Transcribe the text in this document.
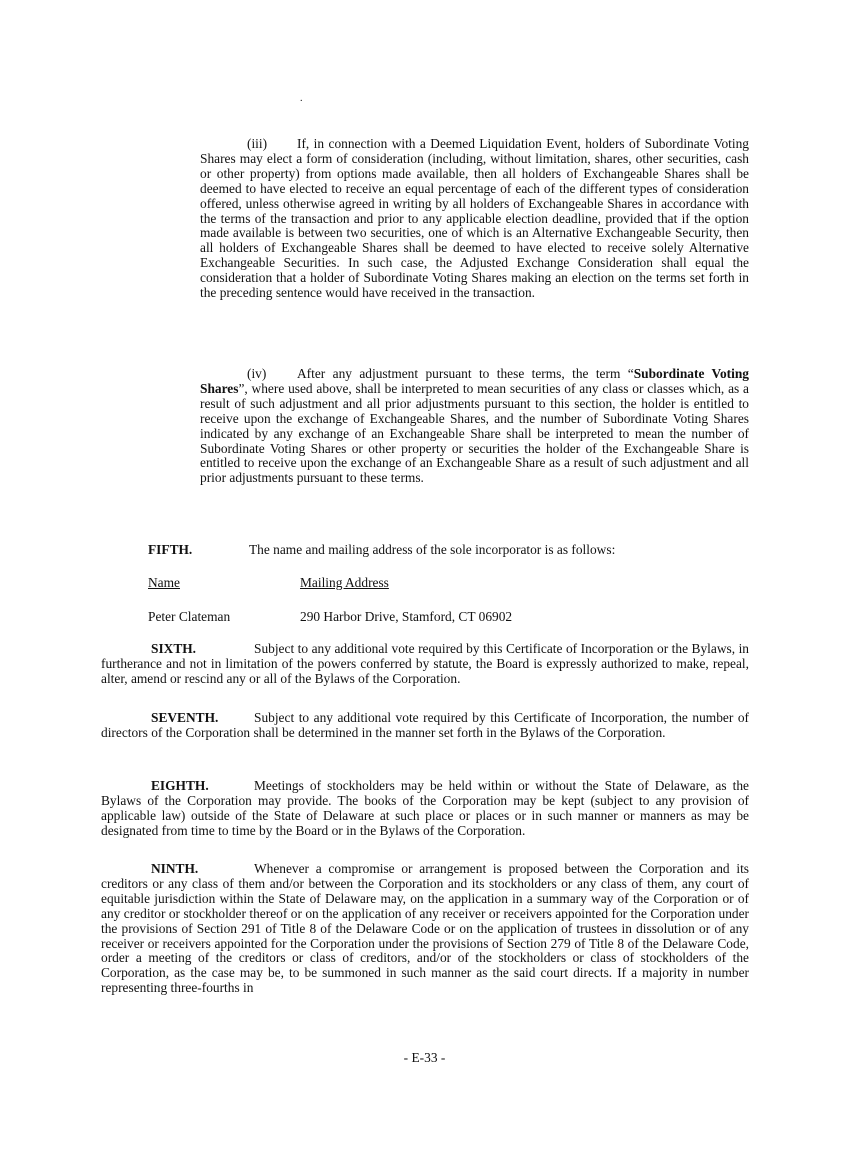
.

(iii) If, in connection with a Deemed Liquidation Event, holders of Subordinate Voting Shares may elect a form of consideration (including, without limitation, shares, other securities, cash or other property) from options made available, then all holders of Exchangeable Shares shall be deemed to have elected to receive an equal percentage of each of the different types of consideration offered, unless otherwise agreed in writing by all holders of Exchangeable Shares in accordance with the terms of the transaction and prior to any applicable election deadline, provided that if the option made available is between two securities, one of which is an Alternative Exchangeable Security, then all holders of Exchangeable Shares shall be deemed to have elected to receive solely Alternative Exchangeable Securities. In such case, the Adjusted Exchange Consideration shall equal the consideration that a holder of Subordinate Voting Shares making an election on the terms set forth in the preceding sentence would have received in the transaction.

(iv) After any adjustment pursuant to these terms, the term “Subordinate Voting Shares”, where used above, shall be interpreted to mean securities of any class or classes which, as a result of such adjustment and all prior adjustments pursuant to this section, the holder is entitled to receive upon the exchange of Exchangeable Shares, and the number of Subordinate Voting Shares indicated by any exchange of an Exchangeable Share shall be interpreted to mean the number of Subordinate Voting Shares or other property or securities the holder of the Exchangeable Share is entitled to receive upon the exchange of an Exchangeable Share as a result of such adjustment and all prior adjustments pursuant to these terms.

FIFTH.	The name and mailing address of the sole incorporator is as follows:
Name	Mailing Address
Peter Clateman	290 Harbor Drive, Stamford, CT 06902

SIXTH.	Subject to any additional vote required by this Certificate of Incorporation or the Bylaws, in furtherance and not in limitation of the powers conferred by statute, the Board is expressly authorized to make, repeal, alter, amend or rescind any or all of the Bylaws of the Corporation.

SEVENTH.	Subject to any additional vote required by this Certificate of Incorporation, the number of directors of the Corporation shall be determined in the manner set forth in the Bylaws of the Corporation.

EIGHTH.	Meetings of stockholders may be held within or without the State of Delaware, as the Bylaws of the Corporation may provide. The books of the Corporation may be kept (subject to any provision of applicable law) outside of the State of Delaware at such place or places or in such manner or manners as may be designated from time to time by the Board or in the Bylaws of the Corporation.

NINTH.	Whenever a compromise or arrangement is proposed between the Corporation and its creditors or any class of them and/or between the Corporation and its stockholders or any class of them, any court of equitable jurisdiction within the State of Delaware may, on the application in a summary way of the Corporation or of any creditor or stockholder thereof or on the application of any receiver or receivers appointed for the Corporation under the provisions of Section 291 of Title 8 of the Delaware Code or on the application of trustees in dissolution or of any receiver or receivers appointed for the Corporation under the provisions of Section 279 of Title 8 of the Delaware Code, order a meeting of the creditors or class of creditors, and/or of the stockholders or class of stockholders of the Corporation, as the case may be, to be summoned in such manner as the said court directs. If a majority in number representing three-fourths in

- E-33 -
